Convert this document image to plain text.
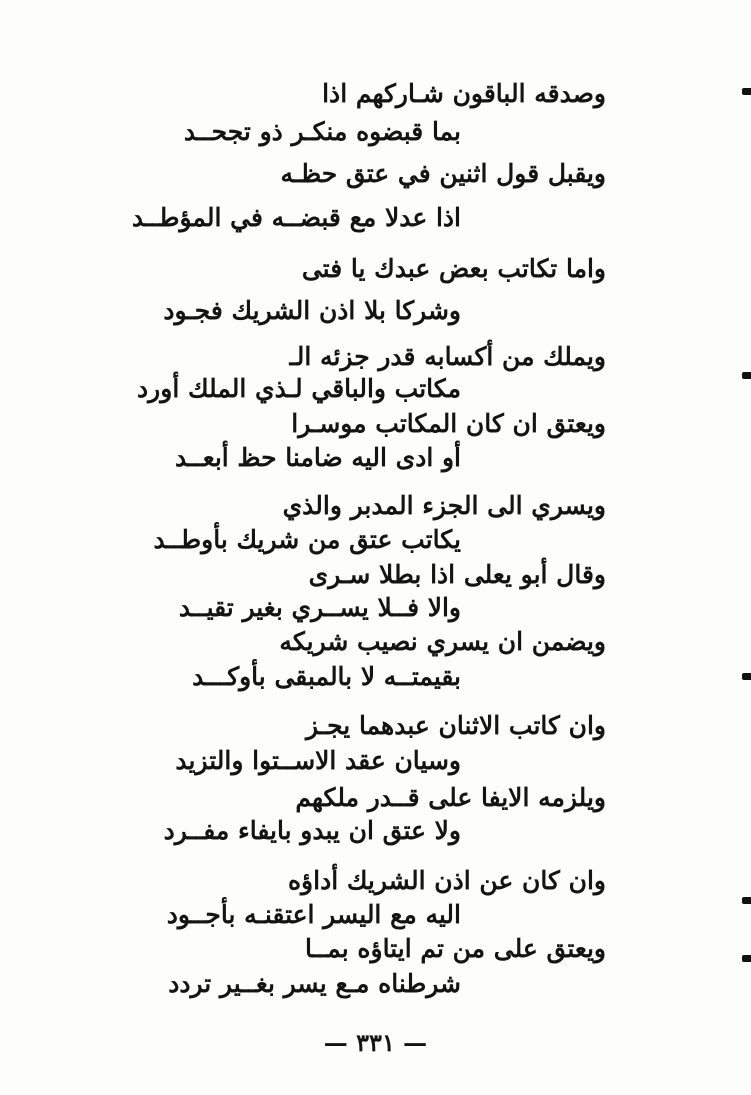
وصدقه الباقون شـاركهم اذا
بما قبضوه منكـر ذو تجحــد
ويقبل قول اثنين في عتق حظـه
اذا عدلا مع قبضــه في المؤطــد
واما تكاتب بعض عبدك يا فتى
وشركا بلا اذن الشريك فجـود
ويملك من أكسابه قدر جزئه الـ
مكاتب والباقي لـذي الملك أورد
ويعتق ان كان المكاتب موسـرا
أو ادى اليه ضامنا حظ أبعــد
ويسري الى الجزء المدبر والذي
يكاتب عتق من شريك بأوطــد
وقال أبو يعلى اذا بطلا سـرى
والا فــلا يســري بغير تقيــد
ويضمن ان يسري نصيب شريكه
بقيمتــه لا بالمبقى بأوكـــد
وان كاتب الاثنان عبدهما يجـز
وسيان عقد الاســتوا والتزيد
ويلزمه الايفا على قــدر ملكهم
ولا عتق ان يبدو بايفاء مفــرد
وان كان عن اذن الشريك أداؤه
اليه مع اليسر اعتقنـه بأجــود
ويعتق على من تم ايتاؤه بمــا
شرطناه مـع يسر بغــير تردد
— ٣٣١ —
